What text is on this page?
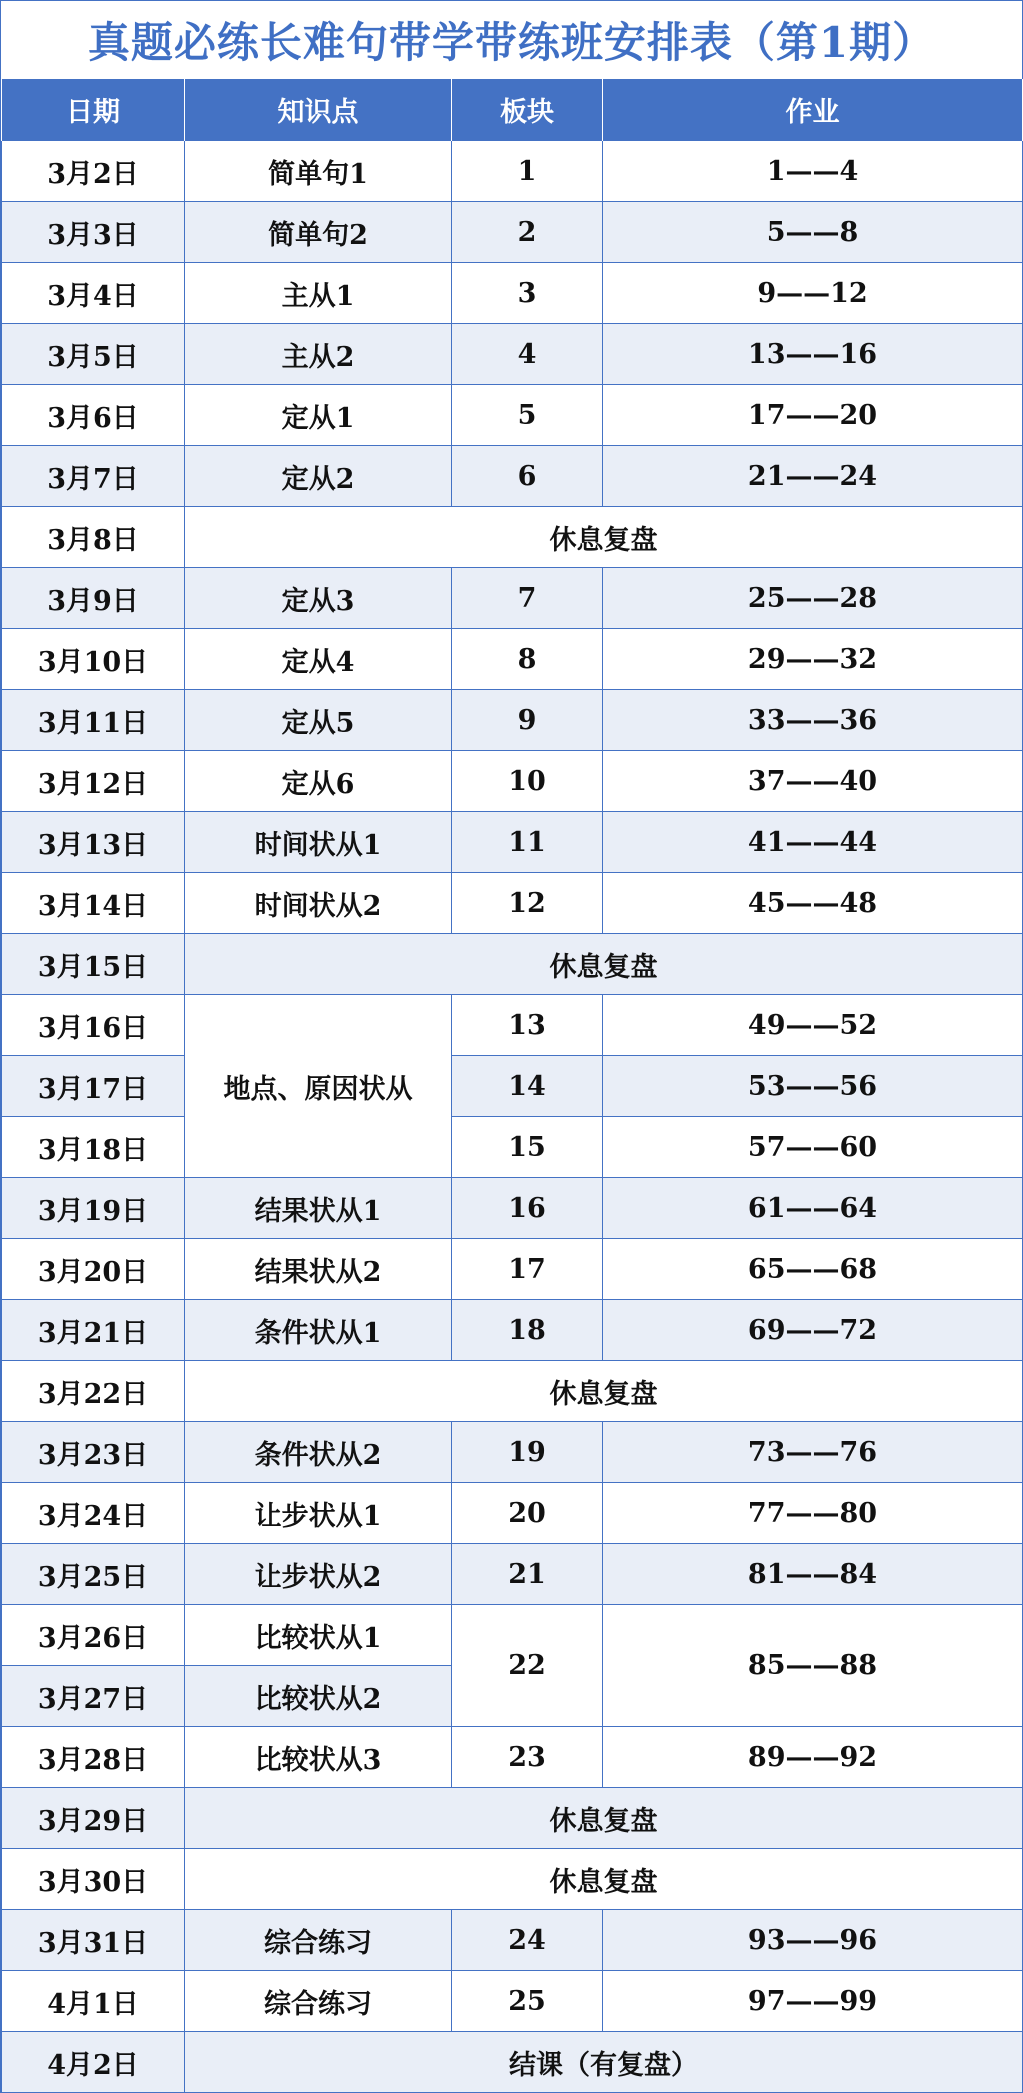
真题必练长难句带学带练班安排表（第1期）
日期	知识点	板块	作业
3月2日	简单句1	1	1——4
3月3日	简单句2	2	5——8
3月4日	主从1	3	9——12
3月5日	主从2	4	13——16
3月6日	定从1	5	17——20
3月7日	定从2	6	21——24
3月8日	休息复盘		
3月9日	定从3	7	25——28
3月10日	定从4	8	29——32
3月11日	定从5	9	33——36
3月12日	定从6	10	37——40
3月13日	时间状从1	11	41——44
3月14日	时间状从2	12	45——48
3月15日	休息复盘		
3月16日	地点、原因状从	13	49——52
3月17日		14	53——56
3月18日		15	57——60
3月19日	结果状从1	16	61——64
3月20日	结果状从2	17	65——68
3月21日	条件状从1	18	69——72
3月22日	休息复盘		
3月23日	条件状从2	19	73——76
3月24日	让步状从1	20	77——80
3月25日	让步状从2	21	81——84
3月26日	比较状从1	22	85——88
3月27日	比较状从2		
3月28日	比较状从3	23	89——92
3月29日	休息复盘		
3月30日	休息复盘		
3月31日	综合练习	24	93——96
4月1日	综合练习	25	97——99
4月2日	结课（有复盘）		
